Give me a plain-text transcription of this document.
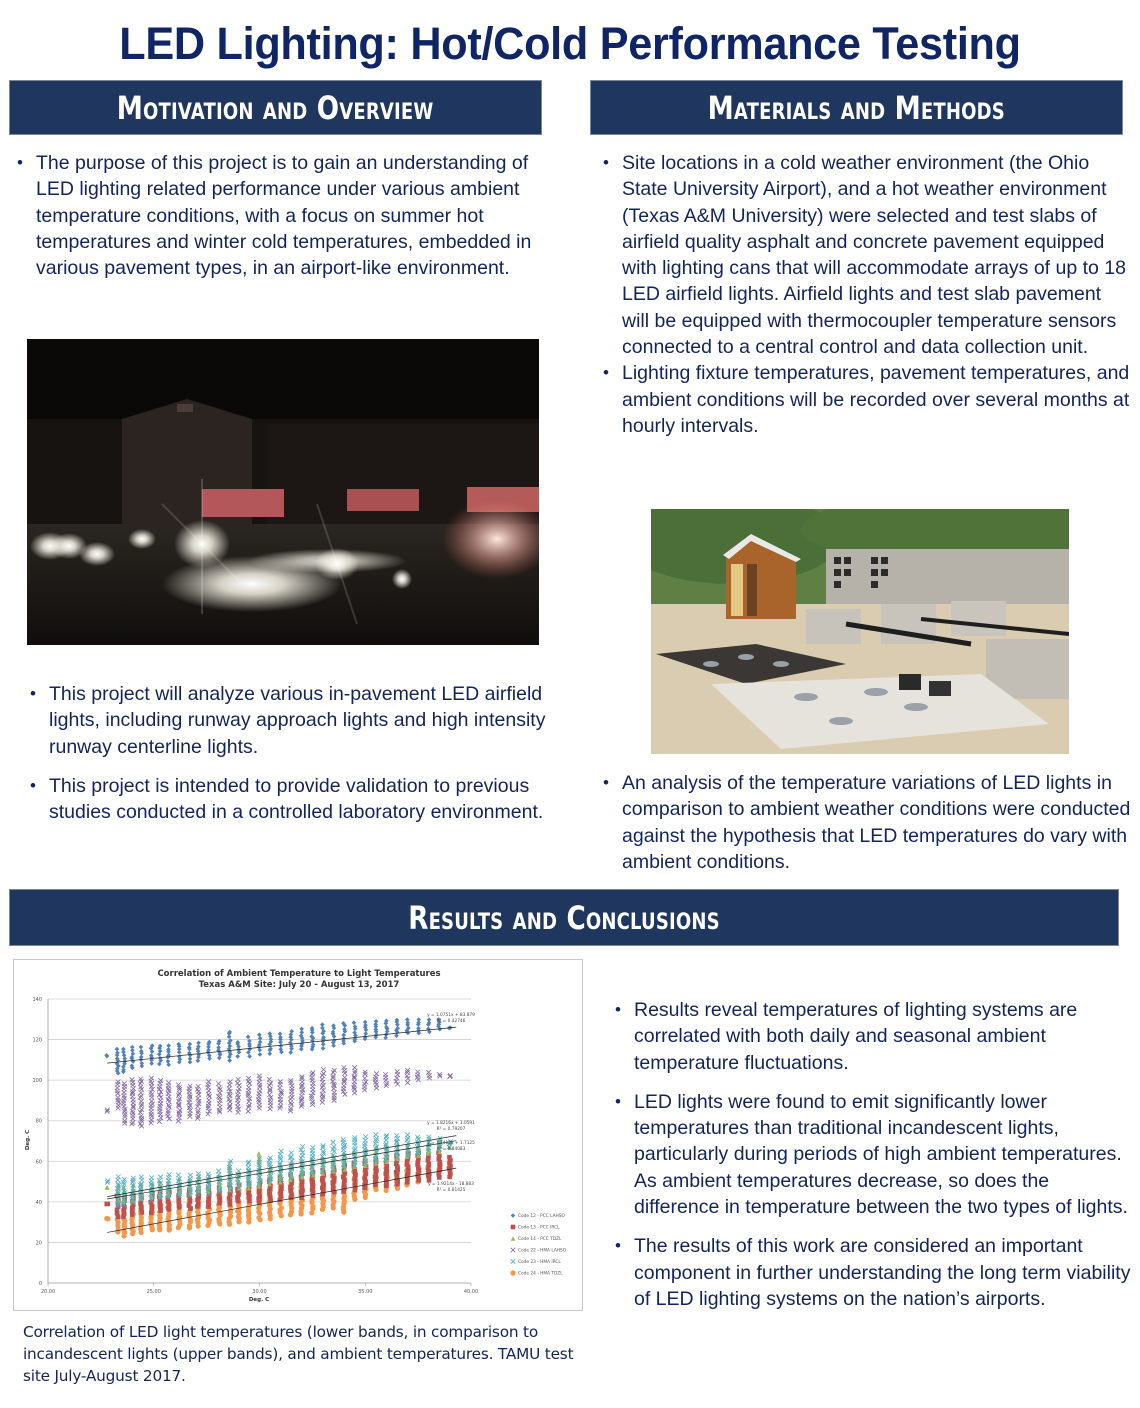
LED Lighting: Hot/Cold Performance Testing
Motivation and Overview
• The purpose of this project is to gain an understanding of LED lighting related performance under various ambient temperature conditions, with a focus on summer hot temperatures and winter cold temperatures, embedded in various pavement types, in an airport-like environment.
• This project will analyze various in-pavement LED airfield lights, including runway approach lights and high intensity runway centerline lights.
• This project is intended to provide validation to previous studies conducted in a controlled laboratory environment.
Materials and Methods
• Site locations in a cold weather environment (the Ohio State University Airport), and a hot weather environment (Texas A&M University) were selected and test slabs of airfield quality asphalt and concrete pavement equipped with lighting cans that will accommodate arrays of up to 18 LED airfield lights. Airfield lights and test slab pavement will be equipped with thermocoupler temperature sensors connected to a central control and data collection unit.
• Lighting fixture temperatures, pavement temperatures, and ambient conditions will be recorded over several months at hourly intervals.
• An analysis of the temperature variations of LED lights in comparison to ambient weather conditions were conducted against the hypothesis that LED temperatures do vary with ambient conditions.
Results and Conclusions
Correlation of Ambient Temperature to Light Temperatures
Texas A&M Site: July 20 - August 13, 2017
0
20
40
60
80
100
120
140
20.00	25.00	30.00	35.00	40.00
y = 1.0751x + 83.879
R² = 0.42746
y = 1.8216x + 1.0591
R² = 0.79207
y = 1.7412x + 1.7125
R² = 0.84083
y = 1.9214x - 18.883
R² = 0.81425
Code 12 - PCC LAHSO
Code 13 - PCC IRCL
Code 14 - PCC TDZL
Code 22 - HMA LAHSO
Code 23 - HMA IRCL
Code 24 - HMA TDZL
Deg. C
Deg. C
Correlation of LED light temperatures (lower bands, in comparison to incandescent lights (upper bands), and ambient temperatures. TAMU test site July-August 2017.
• Results reveal temperatures of lighting systems are correlated with both daily and seasonal ambient temperature fluctuations.
• LED lights were found to emit significantly lower temperatures than traditional incandescent lights, particularly during periods of high ambient temperatures. As ambient temperatures decrease, so does the difference in temperature between the two types of lights.
• The results of this work are considered an important component in further understanding the long term viability of LED lighting systems on the nation’s airports.
